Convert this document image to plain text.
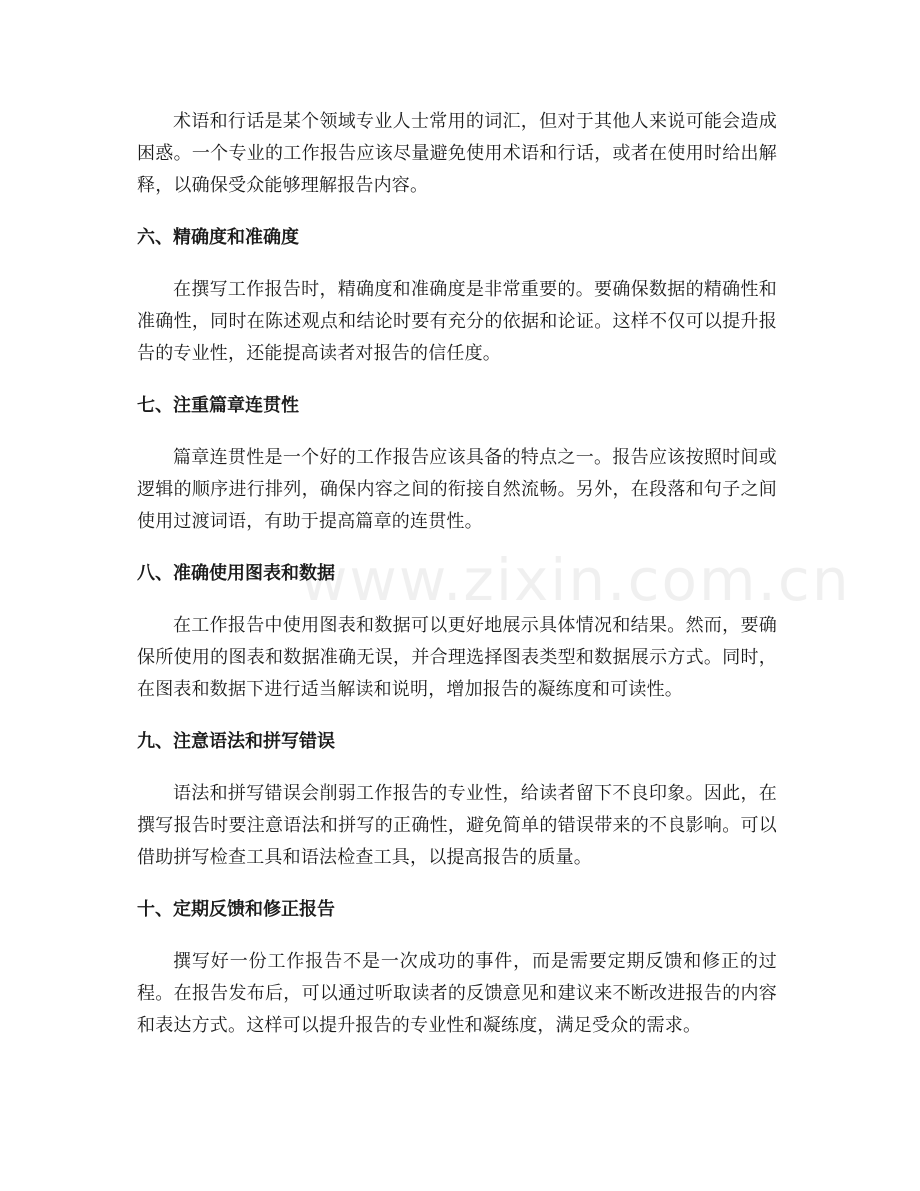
术语和行话是某个领域专业人士常用的词汇，但对于其他人来说可能会造成困惑。一个专业的工作报告应该尽量避免使用术语和行话，或者在使用时给出解释，以确保受众能够理解报告内容。

六、精确度和准确度

在撰写工作报告时，精确度和准确度是非常重要的。要确保数据的精确性和准确性，同时在陈述观点和结论时要有充分的依据和论证。这样不仅可以提升报告的专业性，还能提高读者对报告的信任度。

七、注重篇章连贯性

篇章连贯性是一个好的工作报告应该具备的特点之一。报告应该按照时间或逻辑的顺序进行排列，确保内容之间的衔接自然流畅。另外，在段落和句子之间使用过渡词语，有助于提高篇章的连贯性。

八、准确使用图表和数据

在工作报告中使用图表和数据可以更好地展示具体情况和结果。然而，要确保所使用的图表和数据准确无误，并合理选择图表类型和数据展示方式。同时，在图表和数据下进行适当解读和说明，增加报告的凝练度和可读性。

九、注意语法和拼写错误

语法和拼写错误会削弱工作报告的专业性，给读者留下不良印象。因此，在撰写报告时要注意语法和拼写的正确性，避免简单的错误带来的不良影响。可以借助拼写检查工具和语法检查工具，以提高报告的质量。

十、定期反馈和修正报告

撰写好一份工作报告不是一次成功的事件，而是需要定期反馈和修正的过程。在报告发布后，可以通过听取读者的反馈意见和建议来不断改进报告的内容和表达方式。这样可以提升报告的专业性和凝练度，满足受众的需求。

www.zixin.com.cn
